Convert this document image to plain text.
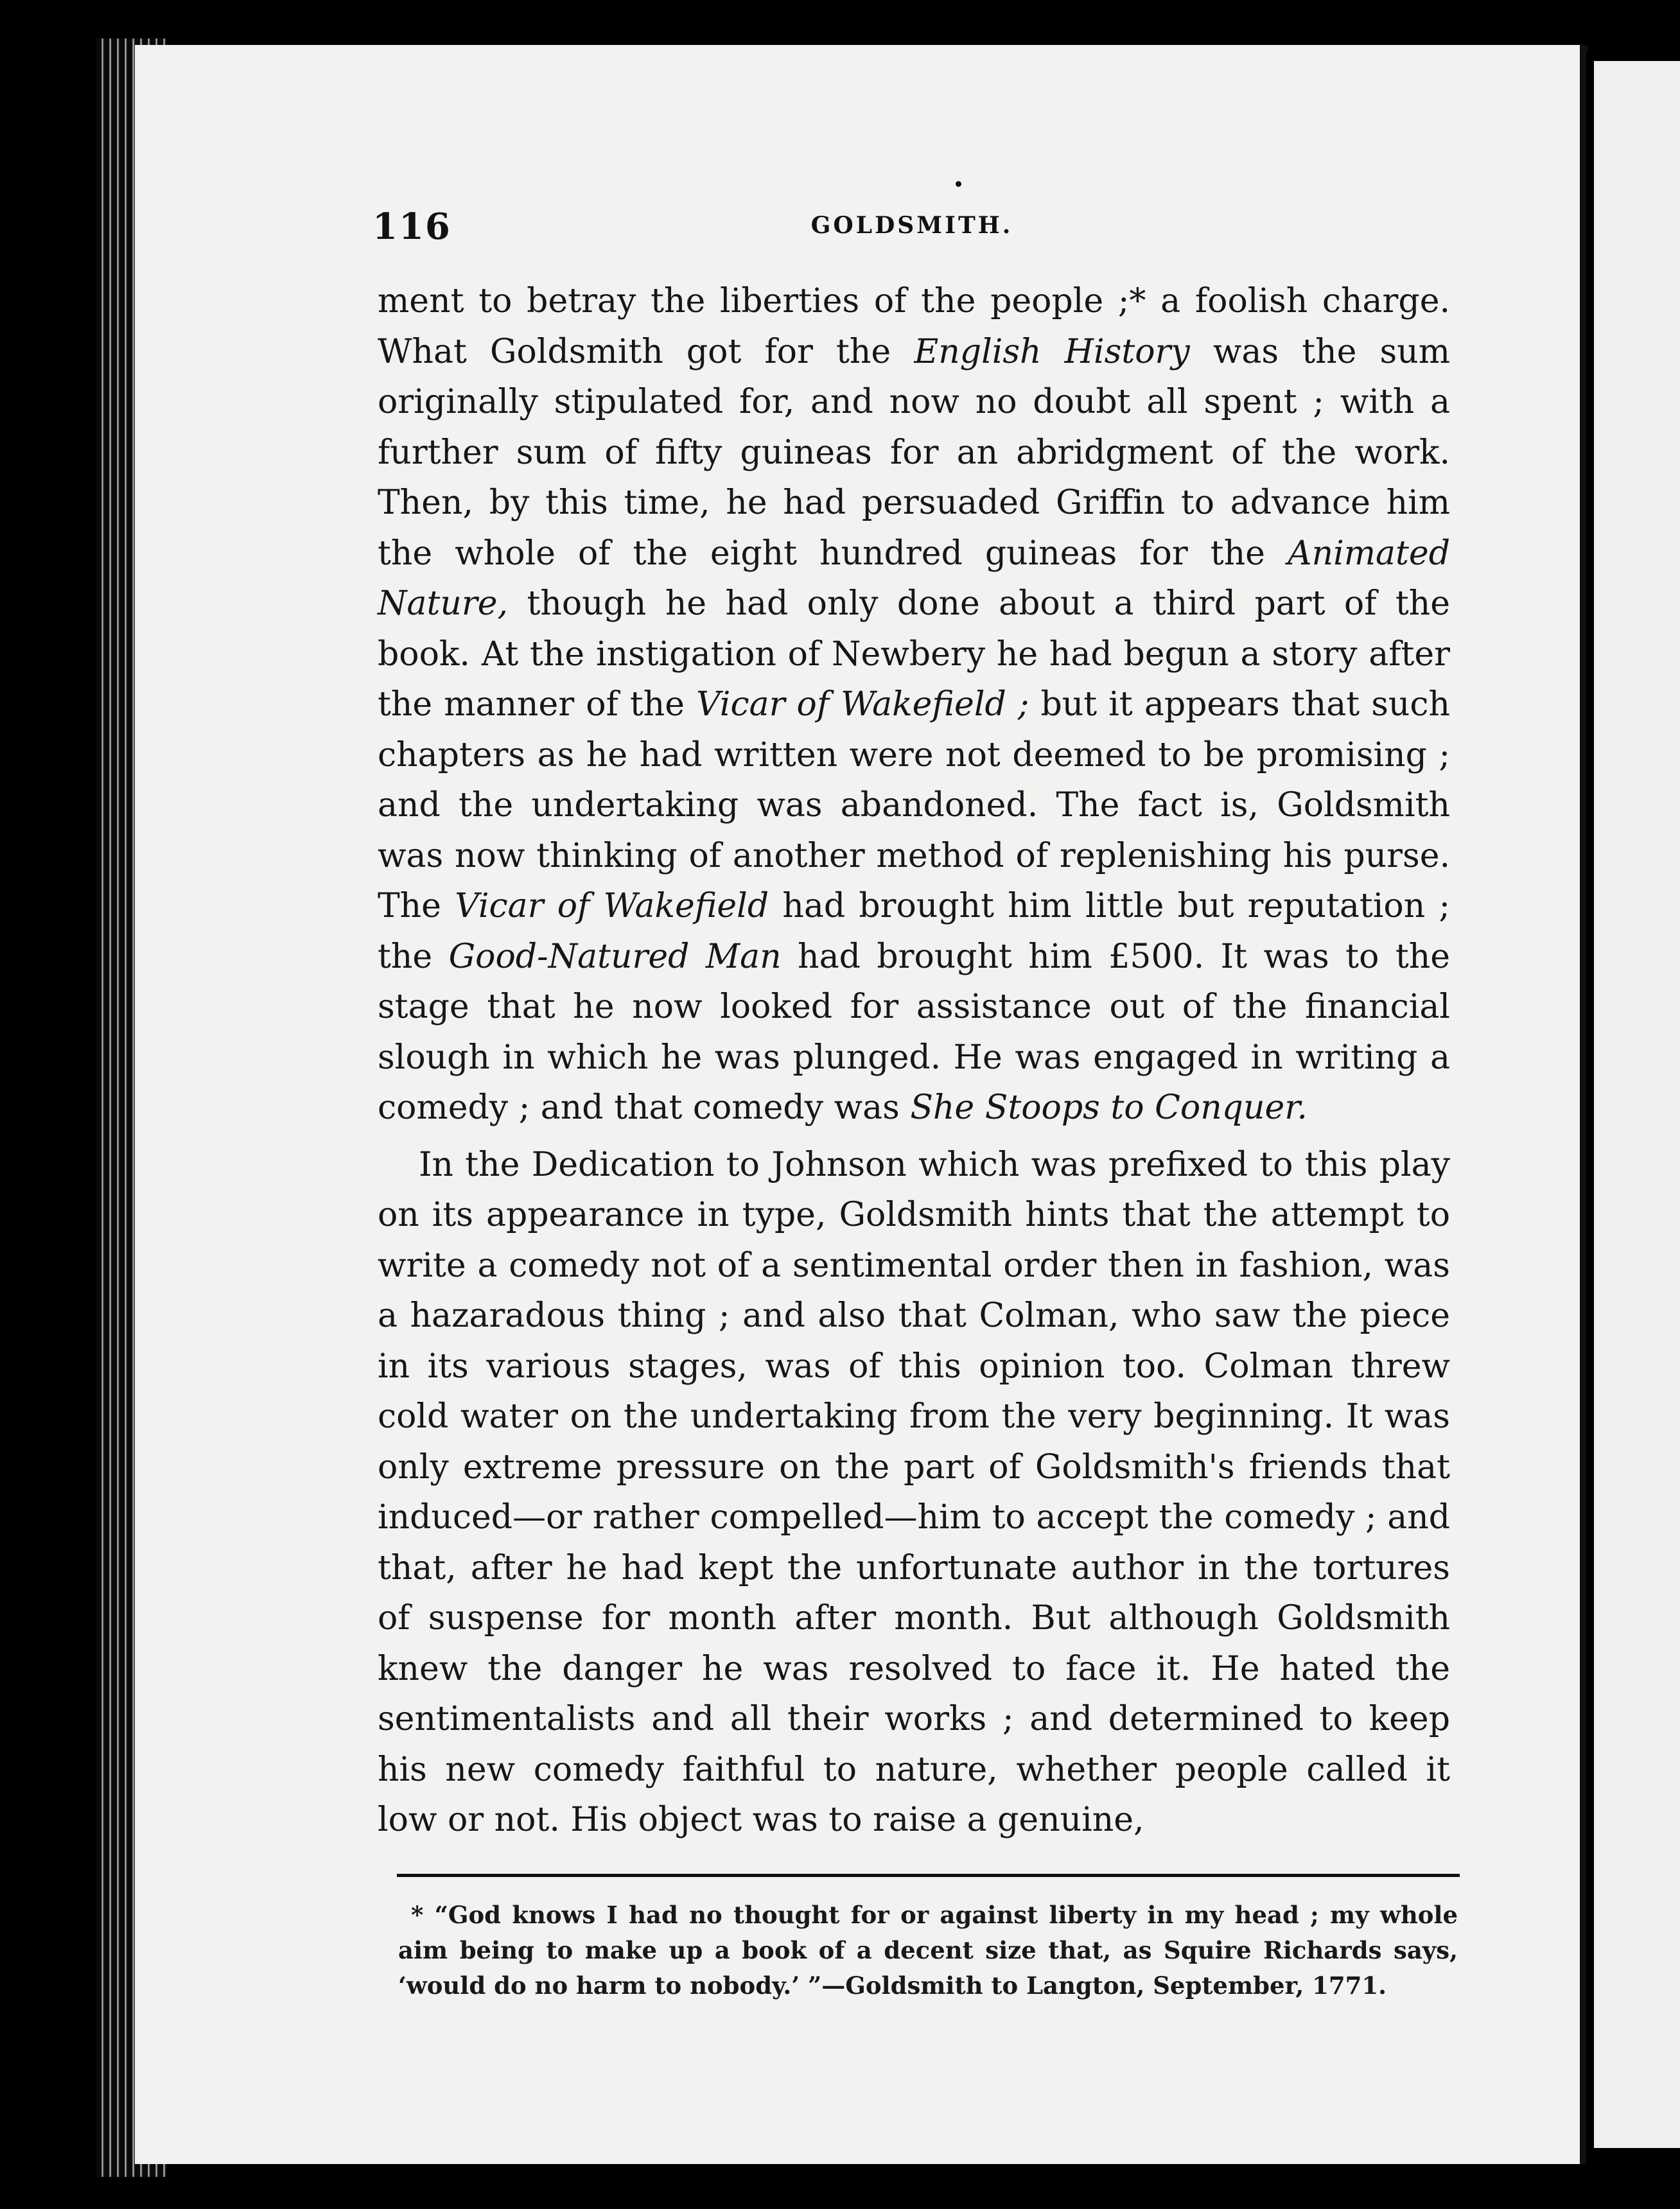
116	GOLDSMITH.

ment to betray the liberties of the people ;* a foolish charge. What Goldsmith got for the English History was the sum originally stipulated for, and now no doubt all spent ; with a further sum of fifty guineas for an abridgment of the work. Then, by this time, he had persuaded Griffin to advance him the whole of the eight hundred guineas for the Animated Nature, though he had only done about a third part of the book. At the instigation of Newbery he had begun a story after the manner of the Vicar of Wakefield ; but it appears that such chapters as he had written were not deemed to be promising ; and the undertaking was abandoned. The fact is, Goldsmith was now thinking of another method of replenishing his purse. The Vicar of Wakefield had brought him little but reputation ; the Good-Natured Man had brought him £500. It was to the stage that he now looked for assistance out of the financial slough in which he was plunged. He was engaged in writing a comedy ; and that comedy was She Stoops to Conquer.

In the Dedication to Johnson which was prefixed to this play on its appearance in type, Goldsmith hints that the attempt to write a comedy not of a sentimental order then in fashion, was a hazaradous thing ; and also that Colman, who saw the piece in its various stages, was of this opinion too. Colman threw cold water on the undertaking from the very beginning. It was only extreme pressure on the part of Goldsmith's friends that induced—or rather compelled—him to accept the comedy ; and that, after he had kept the unfortunate author in the tortures of suspense for month after month. But although Goldsmith knew the danger he was resolved to face it. He hated the sentimentalists and all their works ; and determined to keep his new comedy faithful to nature, whether people called it low or not. His object was to raise a genuine,

* “God knows I had no thought for or against liberty in my head ; my whole aim being to make up a book of a decent size that, as Squire Richards says, ‘would do no harm to nobody.’ ”—Goldsmith to Langton, September, 1771.
